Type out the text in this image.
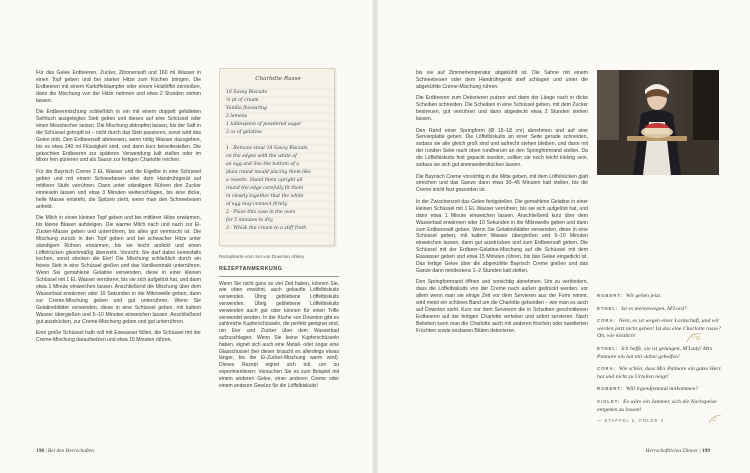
Für das Gelee Erdbeeren, Zucker, Zitronensaft und 160 ml Wasser in einen Topf geben und bei starker Hitze zum Kochen bringen. Die Erdbeeren mit einem Kartoffelstampfer oder einem Holzlöffel zerstoßen, dann die Mischung von der Hitze nehmen und etwa 2 Stunden ziehen lassen.

Die Erdbeermischung schließlich in ein mit einem doppelt gefalteten Seihtuch ausgelegtes Sieb geben und dieses auf eine Schüssel oder einen Messbecher setzen. Die Mischung abtropfen lassen, bis der Saft in die Schüssel getropft ist – nicht durch das Sieb passieren, sonst wird das Gelee trüb. Den Erdbeersaft abmessen, wenn nötig Wasser dazugeben, bis es etwa 240 ml Flüssigkeit sind, und dann kurz beiseitestellen. Die gekochten Erdbeeren zur späteren Verwendung kalt stellen oder im Mixer fein pürieren und als Sauce zur fertigen Charlotte reichen.

Für die Bayrisch Creme 2 EL Wasser und die Eigelbe in eine Schüssel geben und mit einem Schneebesen oder dem Handrührgerät auf mittlerer Stufe verrühren. Dann unter ständigem Rühren den Zucker einrieseln lassen und etwa 3 Minuten weiterschlagen, bis eine dicke, helle Masse entsteht, die Spitzen zieht, wenn man den Schneebesen anhebt.

Die Milch in einen kleinen Topf geben und bei mittlerer Hitze erwärmen, bis kleine Blasen aufsteigen. Die warme Milch nach und nach zur Ei-Zucker-Masse geben und unterrühren, bis alles gut vermischt ist. Die Mischung zurück in den Topf geben und bei schwacher Hitze unter ständigem Rühren erwärmen, bis sie leicht andickt und einen Löffelrücken gleichmäßig überzieht. Vorsicht: Sie darf dabei keinesfalls kochen, sonst stocken die Eier! Die Mischung schließlich durch ein feines Sieb in eine Schüssel gießen und das Vanilleextrakt unterrühren. Wenn Sie gemahlene Gelatine verwenden, diese in einer kleinen Schüssel mit 1 EL Wasser verrühren, bis sie sich aufgelöst hat, und dann etwa 1 Minute einweichen lassen. Anschließend die Mischung über dem Wasserbad erwärmen oder 10 Sekunden in die Mikrowelle geben, dann zur Creme-Mischung geben und gut unterrühren. Wenn Sie Gelatineblätter verwenden, diese in eine Schüssel geben, mit kaltem Wasser übergießen und 5–10 Minuten einweichen lassen. Anschließend gut ausdrücken, zur Creme-Mischung geben und gut unterrühren.

Eine große Schüssel halb voll mit Eiswasser füllen, die Schüssel mit der Creme-Mischung daraufsetzen und etwa 15 Minuten rühren,

Charlotte Russe
18 Savoy Biscuits
½ pt of cream
Vanilla flavouring
2 lemons
1 tablespoon of powdered sugar
2 oz of gelatine
1 · Remove stout 18 Savoy Biscuits
on the edges with the white of
an egg and line the bottom of a
plain round mould placing them like
a rosette. Stand them upright all
round the edge carefully fit them
in closely together that the white
of egg may connect firmly.
2 · Place this case in the oven
for 5 minutes to dry.
3 · Whisk the cream to a stiff froth
Rezeptkarte vom Set von Downton Abbey
REZEPTANMERKUNG
Wenn Sie nicht ganz so viel Zeit haben, können Sie, wie oben erwähnt, auch gekaufte Löffelbiskuits verwenden. Übrig gebliebene Löffelbiskuits verwenden. Übrig gebliebene Löffelbiskuits verwenden auch gut oder können für einen Trifle verwendet werden. In der Küche von Downton gibt es zahlreiche Kupferschüsseln, die perfekt geeignet sind, um Eier und Zucker über dem Wasserbad aufzuschlagen. Wenn Sie keine Kupferschüsseln haben, eignet sich auch eine Metall- oder sogar eine Glasschüssel (bei dieser braucht es allerdings etwas länger, bis die Ei-Zucker-Mischung warm wird). Dieses Rezept eignet sich toll, um zu experimentieren: Versuchen Sie es zum Beispiel mit einem anderen Gelee, einer anderen Creme oder einem anderen Gewürz für die Löffelbiskuits!
198 | Bei den Herrschaften

bis sie auf Zimmertemperatur abgekühlt ist. Die Sahne mit einem Schneebesen oder dem Handrührgerät steif schlagen und unter die abgekühlte Creme-Mischung rühren.

Die Erdbeeren zum Dekorieren putzen und dann der Länge nach in dicke Scheiben schneiden. Die Scheiben in eine Schüssel geben, mit dem Zucker bestreuen, gut verrühren und dann abgedeckt etwa 2 Stunden stehen lassen.

Den Rand einer Springform (Ø 15–18 cm) abnehmen und auf eine Servierplatte geben. Die Löffelbiskuits an einer Seite gerade schneiden, sodass sie alle gleich groß sind und aufrecht stehen bleiben, und dann mit der runden Seite nach oben rundherum an den Springformrand stellen. Da die Löffelbiskuits fest gepackt wurden, sollten sie noch leicht klebrig sein, sodass sie sich gut aneinanderdrücken lassen.

Die Bayrisch Creme vorsichtig in die Mitte geben, mit dem Löffelrücken glatt streichen und das Ganze dann etwa 30–45 Minuten kalt stellen, bis die Creme leicht fest geworden ist.

In der Zwischenzeit das Gelee fertigstellen. Die gemahlene Gelatine in einer kleinen Schüssel mit 1 EL Wasser verrühren, bis sie sich aufgelöst hat, und dann etwa 1 Minute einweichen lassen. Anschließend kurz über dem Wasserbad erwärmen oder 10 Sekunden in die Mikrowelle geben und dann zum Erdbeersaft geben. Wenn Sie Gelatineblätter verwenden, diese in eine Schüssel geben, mit kaltem Wasser übergießen und 5–10 Minuten einweichen lassen, dann gut ausdrücken und zum Erdbeersaft geben. Die Schüssel mit der Erdbeer-Gelatine-Mischung auf die Schüssel mit dem Eiswasser geben und etwa 15 Minuten rühren, bis das Gelee eingedickt ist. Das fertige Gelee über die abgekühlte Bayrisch Creme gießen und das Ganze dann mindestens 1–2 Stunden kalt stellen.

Den Springformrand öffnen und vorsichtig abnehmen. Um zu verhindern, dass die Löffelbiskuits von der Creme nach außen gedrückt werden, vor allem wenn man sie einige Zeit vor dem Servieren aus der Form nimmt, wird meist ein schönes Band um die Charlotte gebunden – wie man es auch auf Downton sieht. Kurz vor dem Servieren die in Scheiben geschnittenen Erdbeeren auf der fertigen Charlotte verteilen und sofort servieren. Nach Belieben kann man die Charlotte auch mit anderen frischen oder kandierten Früchten sowie essbaren Blüten dekorieren.

ROBERT: Wir gehen jetzt.
ETHEL: Ist es meinetwegen, M'Lord?
CORA: Nein, es ist wegen einer Lordschaft, und wir werden jetzt nicht gehen! Ist das eine Charlotte russe? Oh, wie köstlich!
ETHEL: Ich hoffe, sie ist gelungen, M'Lady! Mrs Patmore ein hat mir dabei geholfen!
CORA: Wie schön, dass Mrs Patmore ein gutes Herz hat und nicht zu Urteilen neigt!
ROBERT: Will irgendjemand mitkommen?
VIOLET: Es wäre ein Jammer, sich die Nachspeise entgehen zu lassen!
— STAFFEL 2, FOLGE 4
Herrschaftliches Dinner | 199
